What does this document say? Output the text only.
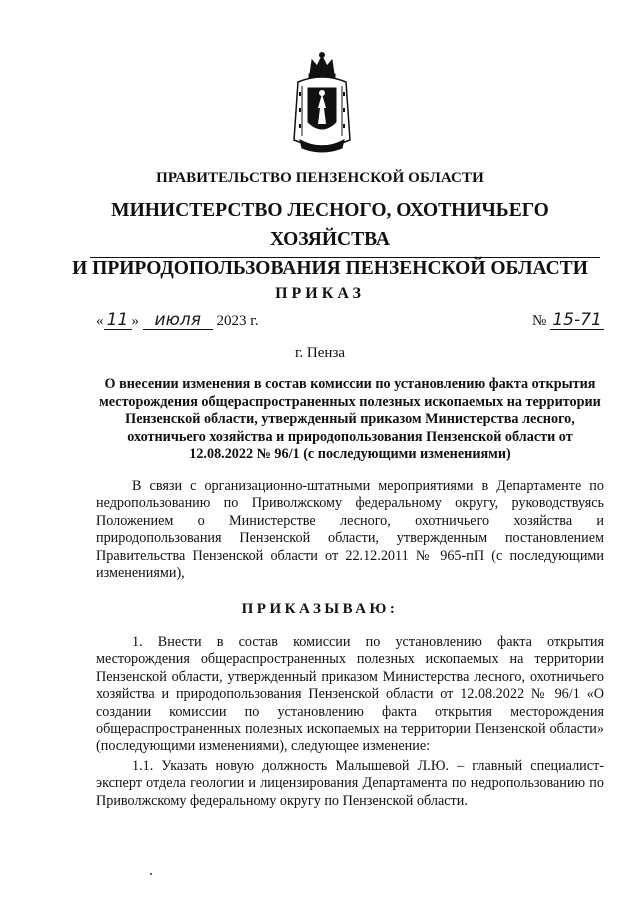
ПРАВИТЕЛЬСТВО ПЕНЗЕНСКОЙ ОБЛАСТИ
МИНИСТЕРСТВО ЛЕСНОГО, ОХОТНИЧЬЕГО ХОЗЯЙСТВА
И ПРИРОДОПОЛЬЗОВАНИЯ ПЕНЗЕНСКОЙ ОБЛАСТИ
ПРИКАЗ
« 11 » июля 2023 г.	№ 15-71
г. Пенза
О внесении изменения в состав комиссии по установлению факта открытия месторождения общераспространенных полезных ископаемых на территории Пензенской области, утвержденный приказом Министерства лесного, охотничьего хозяйства и природопользования Пензенской области от 12.08.2022 № 96/1 (с последующими изменениями)
В связи с организационно-штатными мероприятиями в Департаменте по недропользованию по Приволжскому федеральному округу, руководствуясь Положением о Министерстве лесного, охотничьего хозяйства и природопользования Пензенской области, утвержденным постановлением Правительства Пензенской области от 22.12.2011 № 965-пП (с последующими изменениями),
ПРИКАЗЫВАЮ:
1. Внести в состав комиссии по установлению факта открытия месторождения общераспространенных полезных ископаемых на территории Пензенской области, утвержденный приказом Министерства лесного, охотничьего хозяйства и природопользования Пензенской области от 12.08.2022 № 96/1 «О создании комиссии по установлению факта открытия месторождения общераспространенных полезных ископаемых на территории Пензенской области» (последующими изменениями), следующее изменение:
1.1. Указать новую должность Малышевой Л.Ю. – главный специалист-эксперт отдела геологии и лицензирования Департамента по недропользованию по Приволжскому федеральному округу по Пензенской области.
